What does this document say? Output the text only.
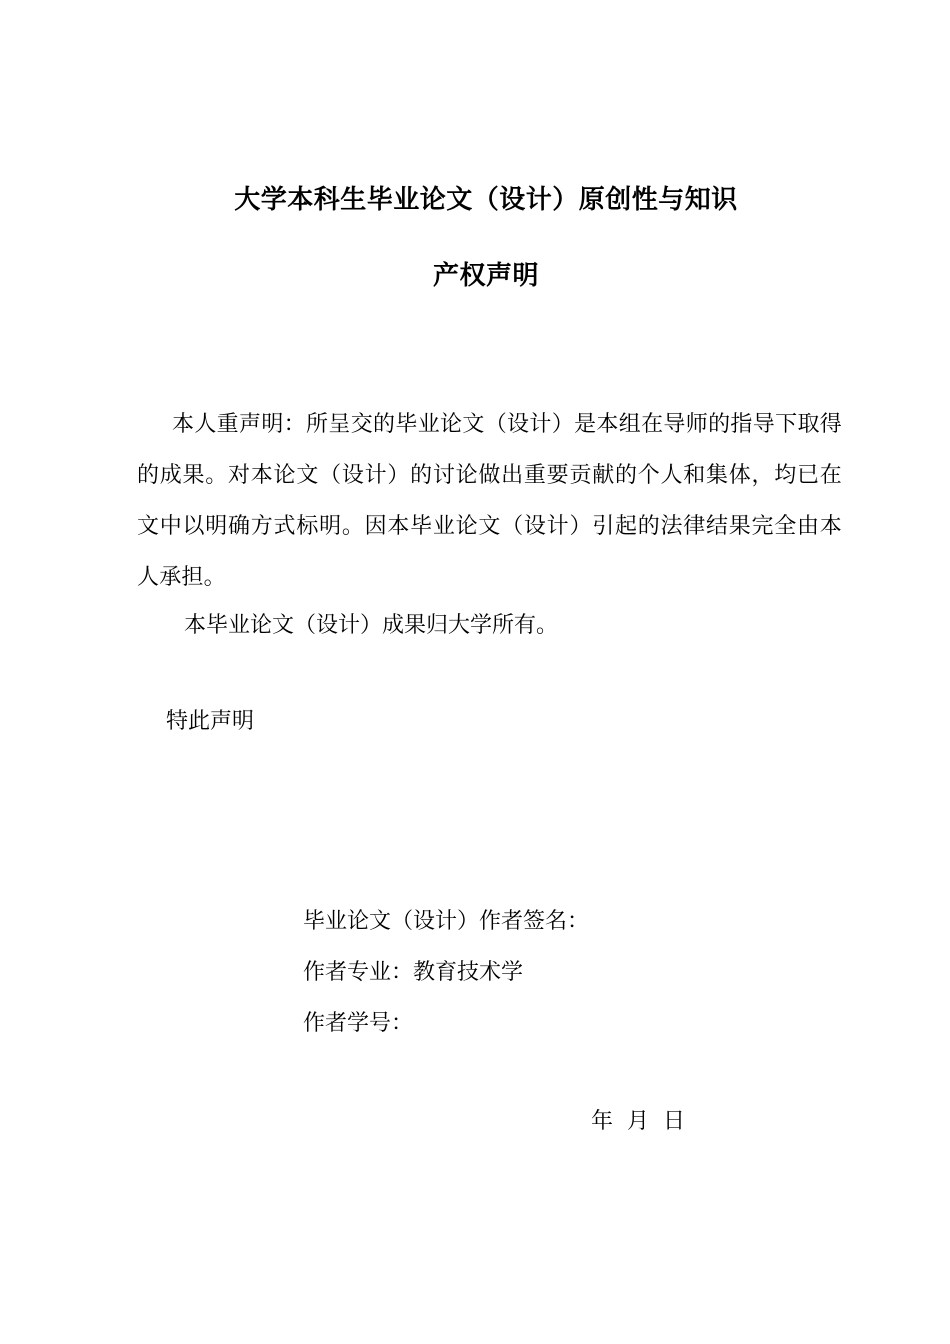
大学本科生毕业论文（设计）原创性与知识
产权声明
本人重声明：所呈交的毕业论文（设计）是本组在导师的指导下取得的成果。对本论文（设计）的讨论做出重要贡献的个人和集体，均已在文中以明确方式标明。因本毕业论文（设计）引起的法律结果完全由本人承担。
本毕业论文（设计）成果归大学所有。
特此声明
毕业论文（设计）作者签名：
作者专业：教育技术学
作者学号：
年 月 日
